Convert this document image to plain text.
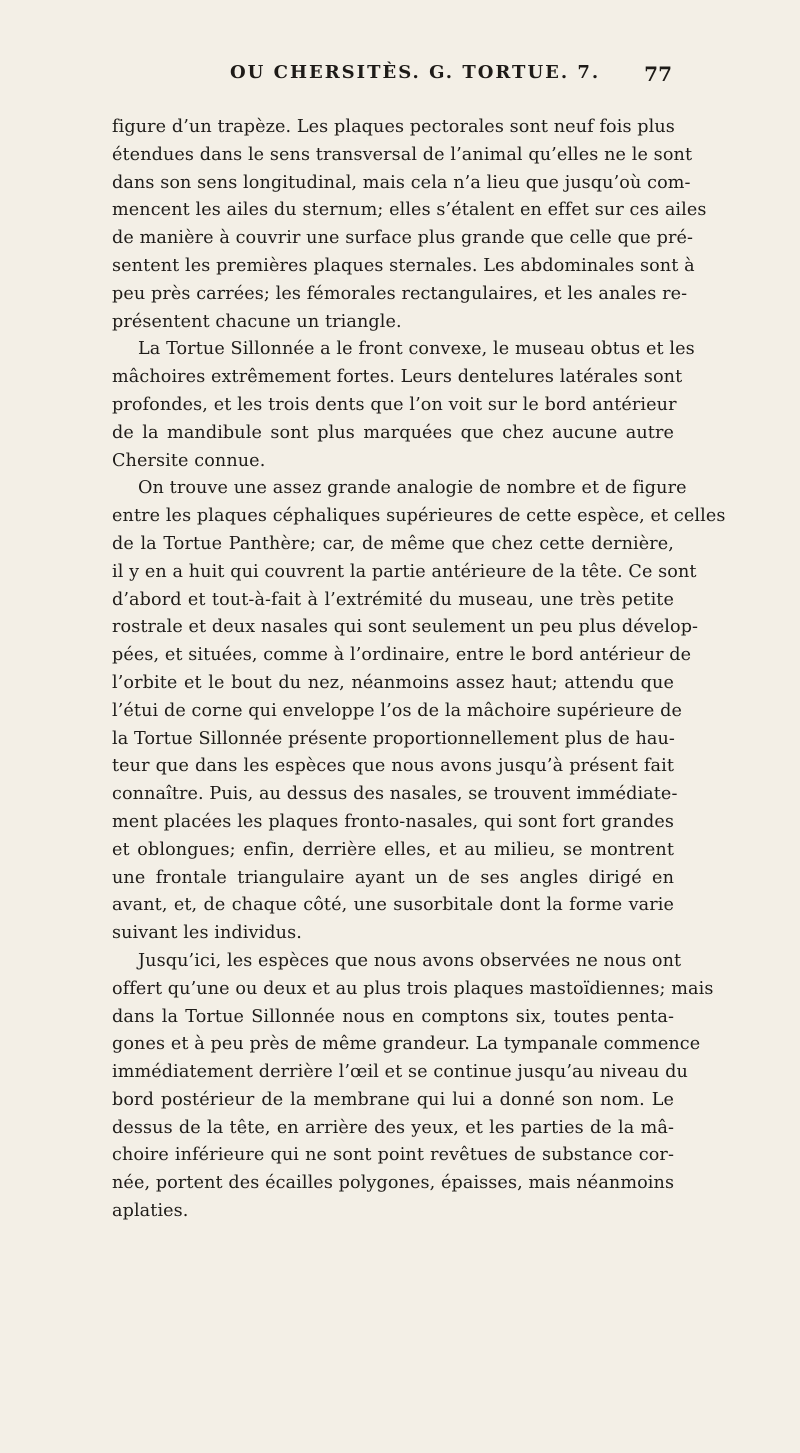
OU CHERSITÈS. G. TORTUE. 7. 77
figure d’un trapèze. Les plaques pectorales sont neuf fois plus
étendues dans le sens transversal de l’animal qu’elles ne le sont
dans son sens longitudinal, mais cela n’a lieu que jusqu’où com-
mencent les ailes du sternum; elles s’étalent en effet sur ces ailes
de manière à couvrir une surface plus grande que celle que pré-
sentent les premières plaques sternales. Les abdominales sont à
peu près carrées; les fémorales rectangulaires, et les anales re-
présentent chacune un triangle.
La Tortue Sillonnée a le front convexe, le museau obtus et les
mâchoires extrêmement fortes. Leurs dentelures latérales sont
profondes, et les trois dents que l’on voit sur le bord antérieur
de la mandibule sont plus marquées que chez aucune autre
Chersite connue.
On trouve une assez grande analogie de nombre et de figure
entre les plaques céphaliques supérieures de cette espèce, et celles
de la Tortue Panthère; car, de même que chez cette dernière,
il y en a huit qui couvrent la partie antérieure de la tête. Ce sont
d’abord et tout-à-fait à l’extrémité du museau, une très petite
rostrale et deux nasales qui sont seulement un peu plus dévelop-
pées, et situées, comme à l’ordinaire, entre le bord antérieur de
l’orbite et le bout du nez, néanmoins assez haut; attendu que
l’étui de corne qui enveloppe l’os de la mâchoire supérieure de
la Tortue Sillonnée présente proportionnellement plus de hau-
teur que dans les espèces que nous avons jusqu’à présent fait
connaître. Puis, au dessus des nasales, se trouvent immédiate-
ment placées les plaques fronto-nasales, qui sont fort grandes
et oblongues; enfin, derrière elles, et au milieu, se montrent
une frontale triangulaire ayant un de ses angles dirigé en
avant, et, de chaque côté, une susorbitale dont la forme varie
suivant les individus.
Jusqu’ici, les espèces que nous avons observées ne nous ont
offert qu’une ou deux et au plus trois plaques mastoïdiennes; mais
dans la Tortue Sillonnée nous en comptons six, toutes penta-
gones et à peu près de même grandeur. La tympanale commence
immédiatement derrière l’œil et se continue jusqu’au niveau du
bord postérieur de la membrane qui lui a donné son nom. Le
dessus de la tête, en arrière des yeux, et les parties de la mâ-
choire inférieure qui ne sont point revêtues de substance cor-
née, portent des écailles polygones, épaisses, mais néanmoins
aplaties.
